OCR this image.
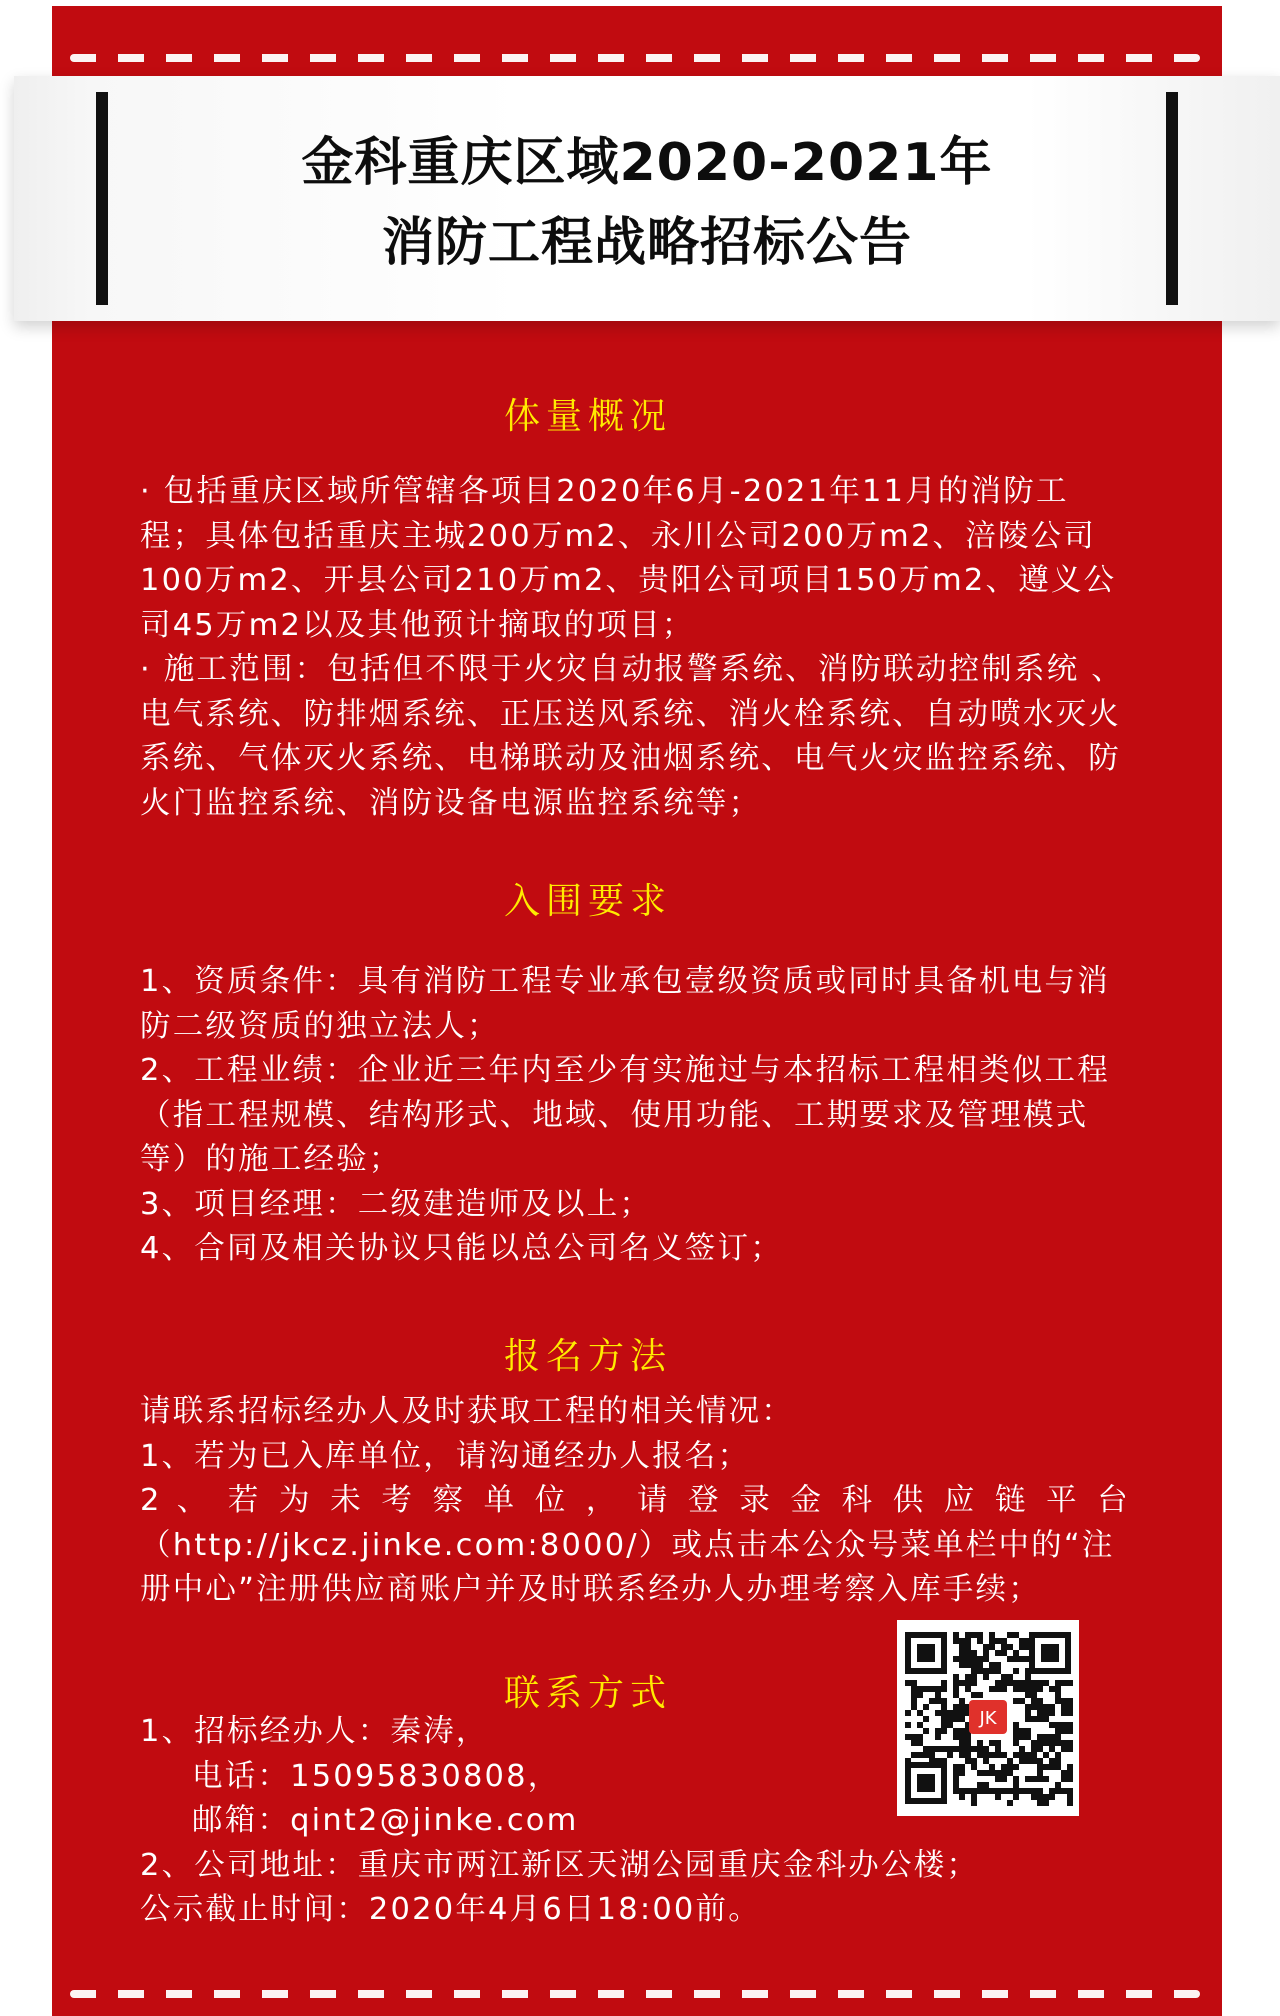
金科重庆区域2020-2021年
消防工程战略招标公告
体量概况

· 包括重庆区域所管辖各项目2020年6月-2021年11月的消防工程；具体包括重庆主城200万m2、永川公司200万m2、涪陵公司100万m2、开县公司210万m2、贵阳公司项目150万m2、遵义公司45万m2以及其他预计摘取的项目；

· 施工范围：包括但不限于火灾自动报警系统、消防联动控制系统 、电气系统、防排烟系统、正压送风系统、消火栓系统、自动喷水灭火系统、气体灭火系统、电梯联动及油烟系统、电气火灾监控系统、防火门监控系统、消防设备电源监控系统等；

入围要求

1、资质条件：具有消防工程专业承包壹级资质或同时具备机电与消防二级资质的独立法人；

2、工程业绩：企业近三年内至少有实施过与本招标工程相类似工程（指工程规模、结构形式、地域、使用功能、工期要求及管理模式等）的施工经验；

3、项目经理：二级建造师及以上；

4、合同及相关协议只能以总公司名义签订；

报名方法

请联系招标经办人及时获取工程的相关情况：

1、若为已入库单位，请沟通经办人报名；

2 、 若 为 未 考 察 单 位 ， 请 登 录 金 科 供 应 链 平 台

（http://jkcz.jinke.com:8000/）或点击本公众号菜单栏中的“注册中心”注册供应商账户并及时联系经办人办理考察入库手续；

联系方式

1、招标经办人：秦涛，

电话：15095830808，

邮箱：qint2@jinke.com

2、公司地址：重庆市两江新区天湖公园重庆金科办公楼；

公示截止时间：2020年4月6日18:00前。

JK
